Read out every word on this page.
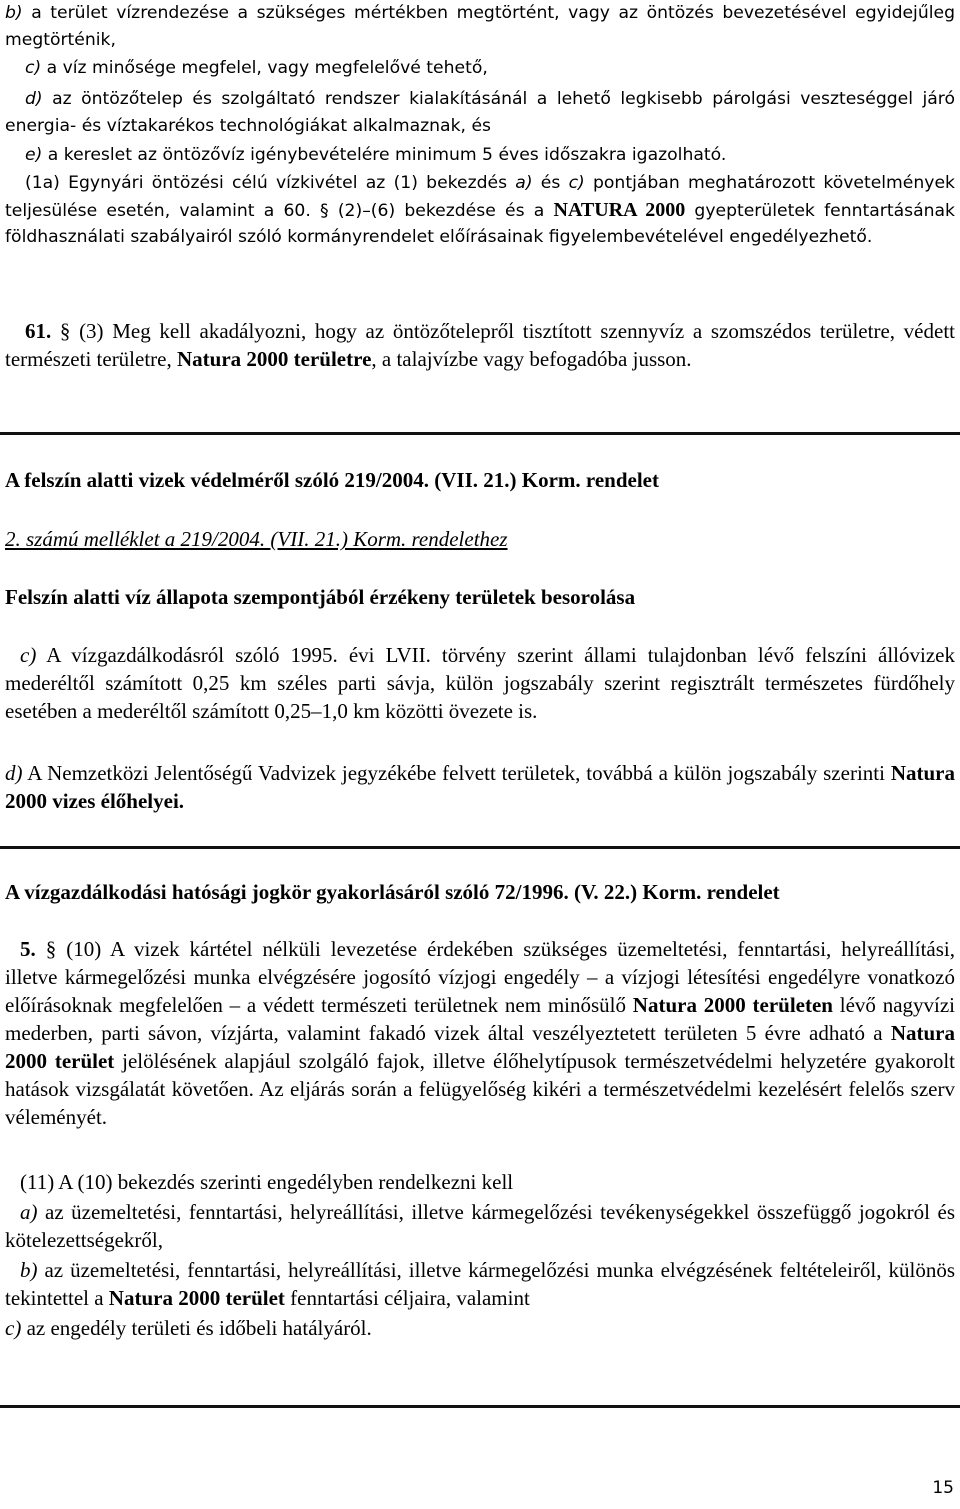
b) a terület vízrendezése a szükséges mértékben megtörtént, vagy az öntözés bevezetésével egyidejűleg megtörténik,
c) a víz minősége megfelel, vagy megfelelővé tehető,
d) az öntözőtelep és szolgáltató rendszer kialakításánál a lehető legkisebb párolgási veszteséggel járó energia- és víztakarékos technológiákat alkalmaznak, és
e) a kereslet az öntözővíz igénybevételére minimum 5 éves időszakra igazolható.
(1a) Egynyári öntözési célú vízkivétel az (1) bekezdés a) és c) pontjában meghatározott követelmények teljesülése esetén, valamint a 60. § (2)–(6) bekezdése és a NATURA 2000 gyepterületek fenntartásának földhasználati szabályairól szóló kormányrendelet előírásainak figyelembevételével engedélyezhető.
61. § (3) Meg kell akadályozni, hogy az öntözőtelepről tisztított szennyvíz a szomszédos területre, védett természeti területre, Natura 2000 területre, a talajvízbe vagy befogadóba jusson.

A felszín alatti vizek védelméről szóló 219/2004. (VII. 21.) Korm. rendelet

2. számú melléklet a 219/2004. (VII. 21.) Korm. rendelethez

Felszín alatti víz állapota szempontjából érzékeny területek besorolása

c) A vízgazdálkodásról szóló 1995. évi LVII. törvény szerint állami tulajdonban lévő felszíni állóvizek mederéltől számított 0,25 km széles parti sávja, külön jogszabály szerint regisztrált természetes fürdőhely esetében a mederéltől számított 0,25–1,0 km közötti övezete is.
d) A Nemzetközi Jelentőségű Vadvizek jegyzékébe felvett területek, továbbá a külön jogszabály szerinti Natura 2000 vizes élőhelyei.

A vízgazdálkodási hatósági jogkör gyakorlásáról szóló 72/1996. (V. 22.) Korm. rendelet

5. § (10) A vizek kártétel nélküli levezetése érdekében szükséges üzemeltetési, fenntartási, helyreállítási, illetve kármegelőzési munka elvégzésére jogosító vízjogi engedély – a vízjogi létesítési engedélyre vonatkozó előírásoknak megfelelően – a védett természeti területnek nem minősülő Natura 2000 területen lévő nagyvízi mederben, parti sávon, vízjárta, valamint fakadó vizek által veszélyeztetett területen 5 évre adható a Natura 2000 terület jelölésének alapjául szolgáló fajok, illetve élőhelytípusok természetvédelmi helyzetére gyakorolt hatások vizsgálatát követően. Az eljárás során a felügyelőség kikéri a természetvédelmi kezelésért felelős szerv véleményét.
(11) A (10) bekezdés szerinti engedélyben rendelkezni kell
a) az üzemeltetési, fenntartási, helyreállítási, illetve kármegelőzési tevékenységekkel összefüggő jogokról és kötelezettségekről,
b) az üzemeltetési, fenntartási, helyreállítási, illetve kármegelőzési munka elvégzésének feltételeiről, különös tekintettel a Natura 2000 terület fenntartási céljaira, valamint
c) az engedély területi és időbeli hatályáról.
15
